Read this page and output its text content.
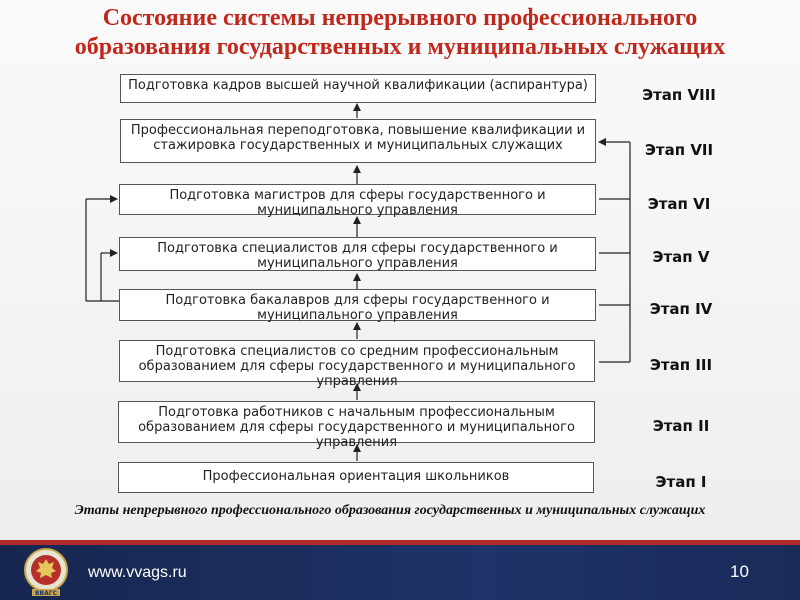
Состояние системы непрерывного профессионального
образования государственных и муниципальных служащих
Подготовка кадров высшей научной квалификации (аспирантура)
Профессиональная переподготовка, повышение квалификации и стажировка государственных и муниципальных служащих
Подготовка магистров для сферы государственного и муниципального управления
Подготовка специалистов для сферы государственного и муниципального управления
Подготовка бакалавров для сферы государственного и муниципального управления
Подготовка специалистов со средним профессиональным образованием для сферы государственного и муниципального управления
Подготовка работников с начальным профессиональным образованием для сферы государственного и муниципального управления
Профессиональная ориентация школьников
Этап VIII
Этап VII
Этап VI
Этап V
Этап IV
Этап III
Этап II
Этап I
Этапы непрерывного профессионального образования государственных и муниципальных служащих
ВВАГС
www.vvags.ru	10
